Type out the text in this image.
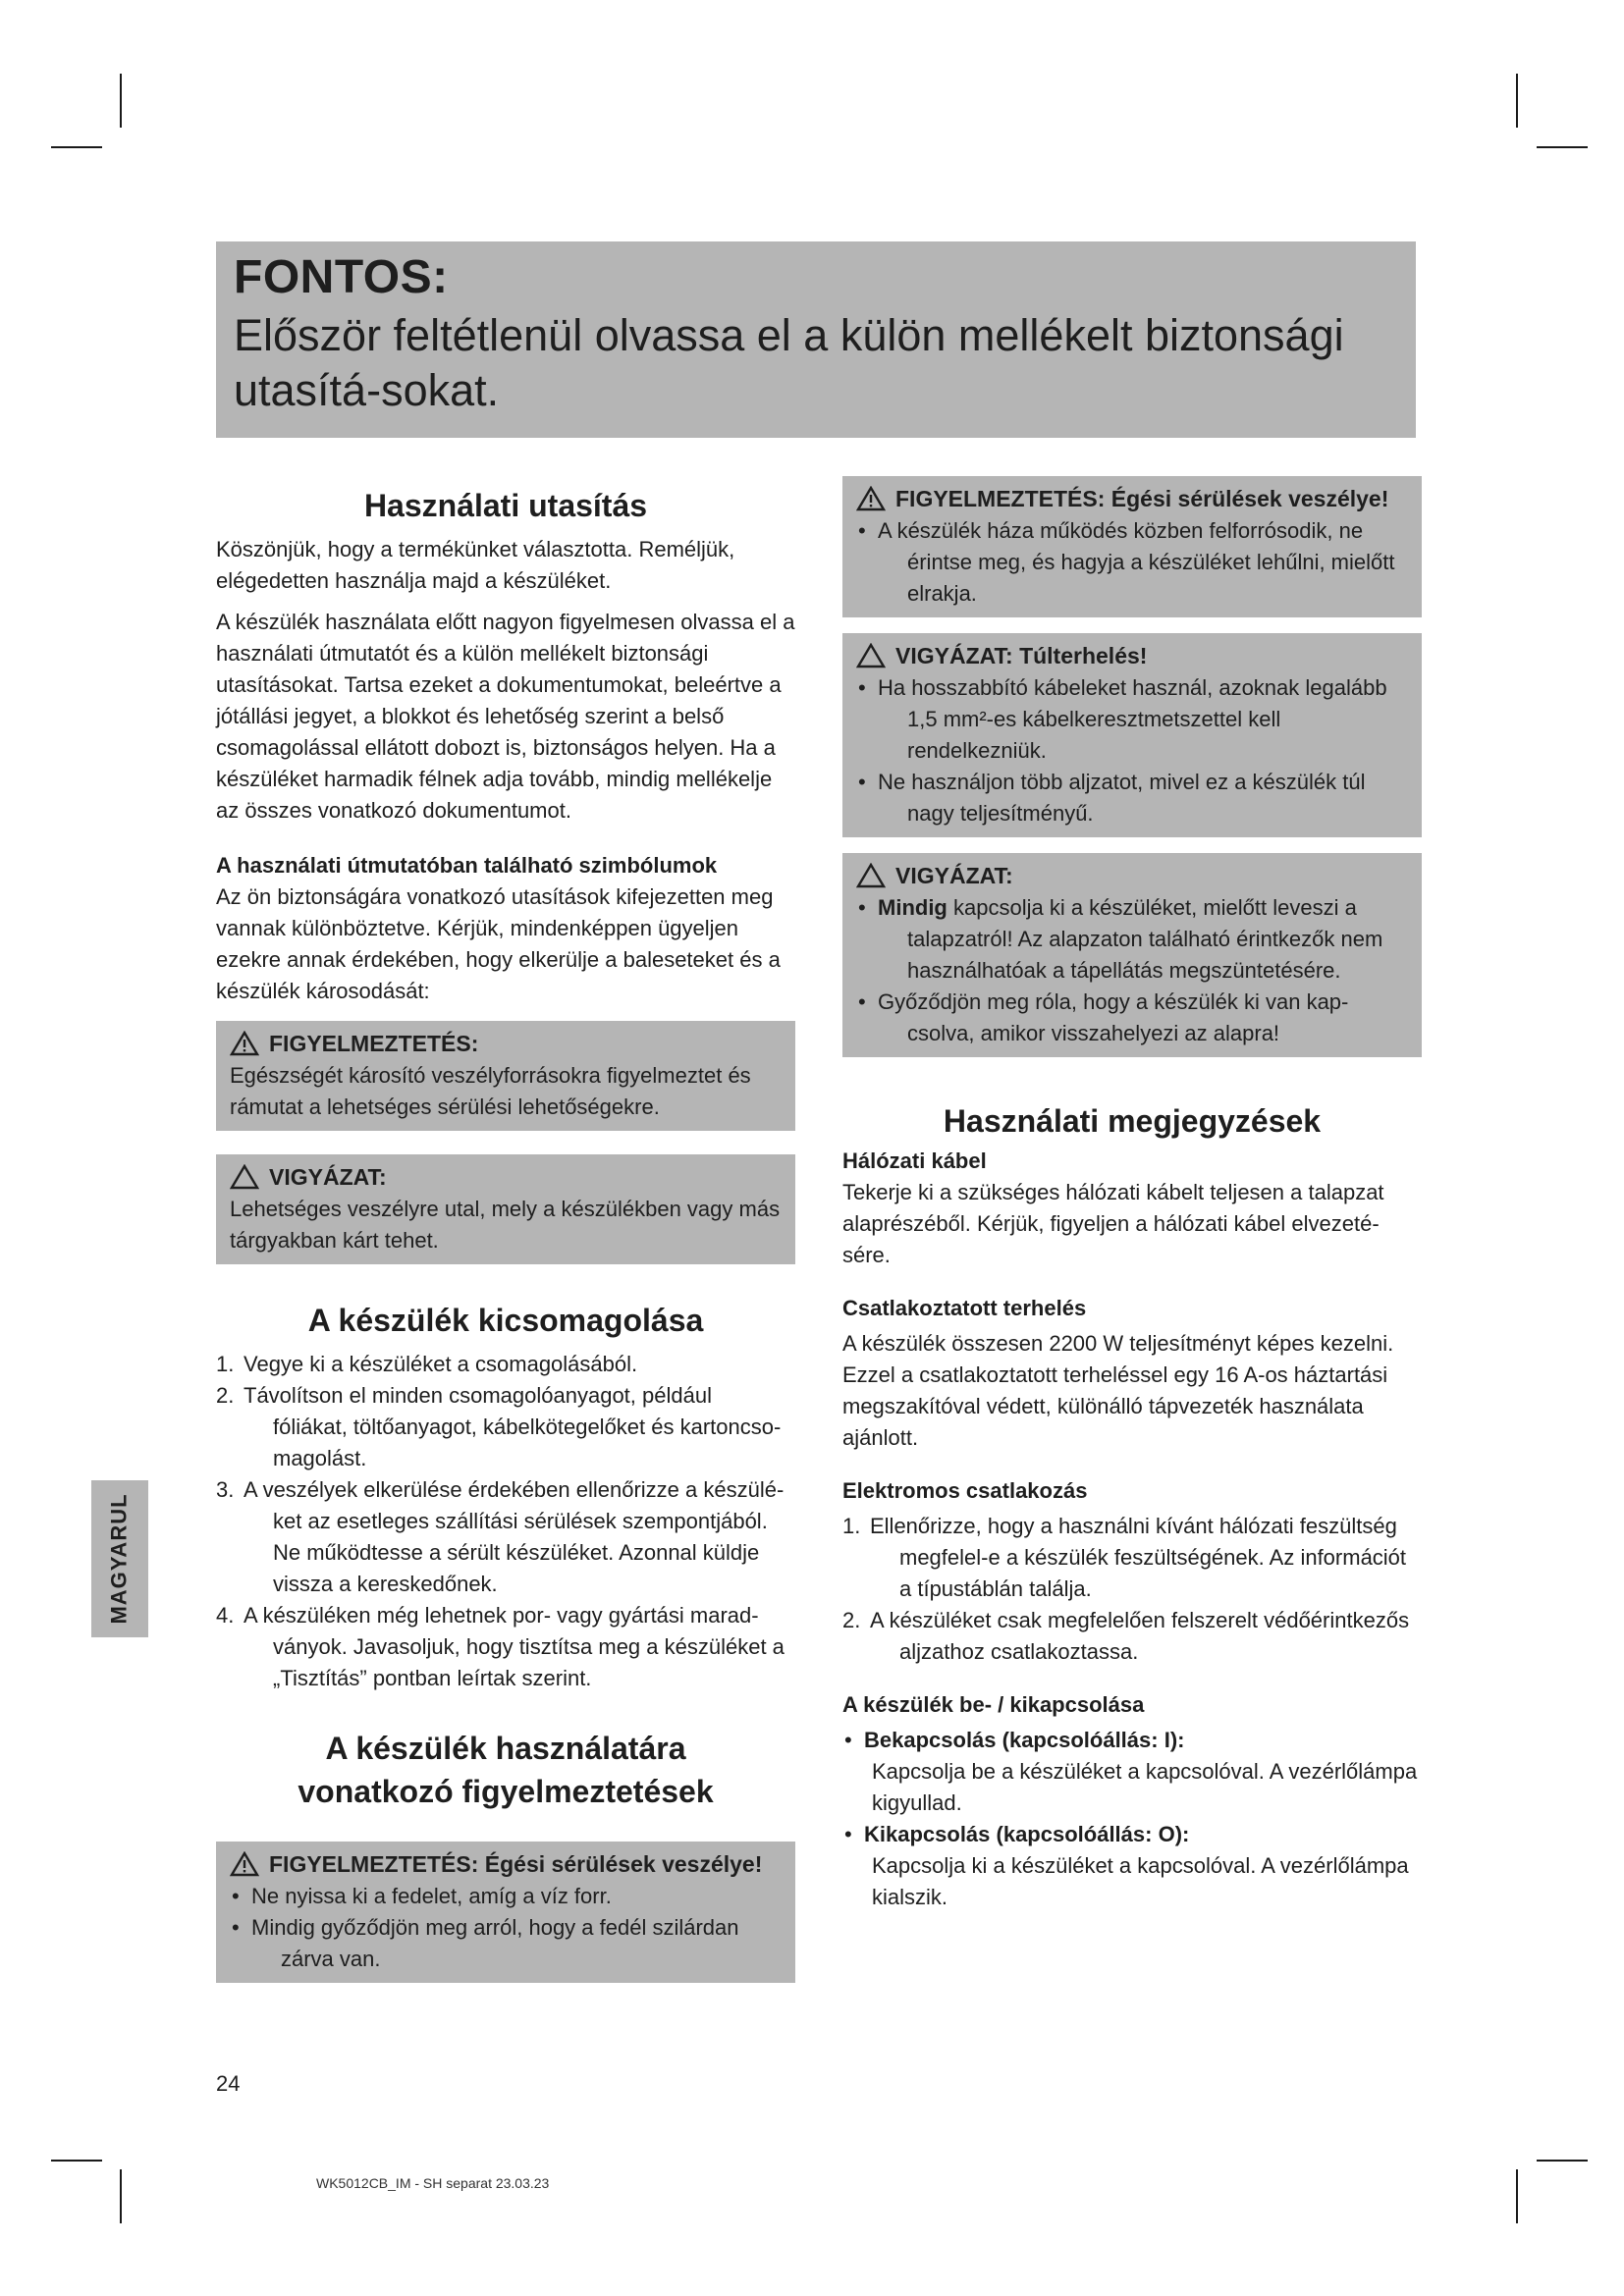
FONTOS:
Először feltétlenül olvassa el a külön mellékelt biztonsági utasítá-sokat.
Használati utasítás

Köszönjük, hogy a termékünket választotta. Reméljük, elégedetten használja majd a készüléket.

A készülék használata előtt nagyon figyelmesen olvassa el a használati útmutatót és a külön mellékelt biztonsági utasításokat. Tartsa ezeket a dokumentumokat, beleértve a jótállási jegyet, a blokkot és lehetőség szerint a belső csomagolással ellátott dobozt is, biztonságos helyen. Ha a készüléket harmadik félnek adja tovább, mindig mellékelje az összes vonatkozó dokumentumot.

A használati útmutatóban található szimbólumok

Az ön biztonságára vonatkozó utasítások kifejezetten meg vannak különböztetve. Kérjük, mindenképpen ügyeljen ezekre annak érdekében, hogy elkerülje a baleseteket és a készülék károsodását:

FIGYELMEZTETÉS:

Egészségét károsító veszélyforrásokra figyelmeztet és rámutat a lehetséges sérülési lehetőségekre.

VIGYÁZAT:

Lehetséges veszélyre utal, mely a készülékben vagy más tárgyakban kárt tehet.

A készülék kicsomagolása
1. Vegye ki a készüléket a csomagolásából.
2. Távolítson el minden csomagolóanyagot, például
fóliákat, töltőanyagot, kábelkötegelőket és kartoncso-magolást.
3. A veszélyek elkerülése érdekében ellenőrizze a készülé-
ket az esetleges szállítási sérülések szempontjából. Ne működtesse a sérült készüléket. Azonnal küldje vissza a kereskedőnek.
4. A készüléken még lehetnek por- vagy gyártási marad-
ványok. Javasoljuk, hogy tisztítsa meg a készüléket a „Tisztítás” pontban leírtak szerint.
A készülék használatára
vonatkozó figyelmeztetések
FIGYELMEZTETÉS: Égési sérülések veszélye!
• Ne nyissa ki a fedelet, amíg a víz forr.
• Mindig győződjön meg arról, hogy a fedél szilárdan
zárva van.
FIGYELMEZTETÉS: Égési sérülések veszélye!
• A készülék háza működés közben felforrósodik, ne
érintse meg, és hagyja a készüléket lehűlni, mielőtt elrakja.
VIGYÁZAT: Túlterhelés!
• Ha hosszabbító kábeleket használ, azoknak legalább
1,5 mm²-es kábelkeresztmetszettel kell rendelkezniük.
• Ne használjon több aljzatot, mivel ez a készülék túl
nagy teljesítményű.
VIGYÁZAT:
• Mindig kapcsolja ki a készüléket, mielőtt leveszi a
talapzatról! Az alapzaton található érintkezők nem használhatóak a tápellátás megszüntetésére.
• Győződjön meg róla, hogy a készülék ki van kap-
csolva, amikor visszahelyezi az alapra!
Használati megjegyzések
Hálózati kábel

Tekerje ki a szükséges hálózati kábelt teljesen a talapzat alaprészéből. Kérjük, figyeljen a hálózati kábel elvezeté-sére.

Csatlakoztatott terhelés

A készülék összesen 2200 W teljesítményt képes kezelni. Ezzel a csatlakoztatott terheléssel egy 16 A-os háztartási megszakítóval védett, különálló tápvezeték használata ajánlott.

Elektromos csatlakozás
1. Ellenőrizze, hogy a használni kívánt hálózati feszültség
megfelel-e a készülék feszültségének. Az információt a típustáblán találja.
2. A készüléket csak megfelelően felszerelt védőérintkezős
aljzathoz csatlakoztassa.
A készülék be- / kikapcsolása
• Bekapcsolás (kapcsolóállás: I):
Kapcsolja be a készüléket a kapcsolóval. A vezérlőlámpa kigyullad.
• Kikapcsolás (kapcsolóállás: O):
Kapcsolja ki a készüléket a kapcsolóval. A vezérlőlámpa kialszik.
MAGYARUL
24
WK5012CB_IM - SH separat 23.03.23
